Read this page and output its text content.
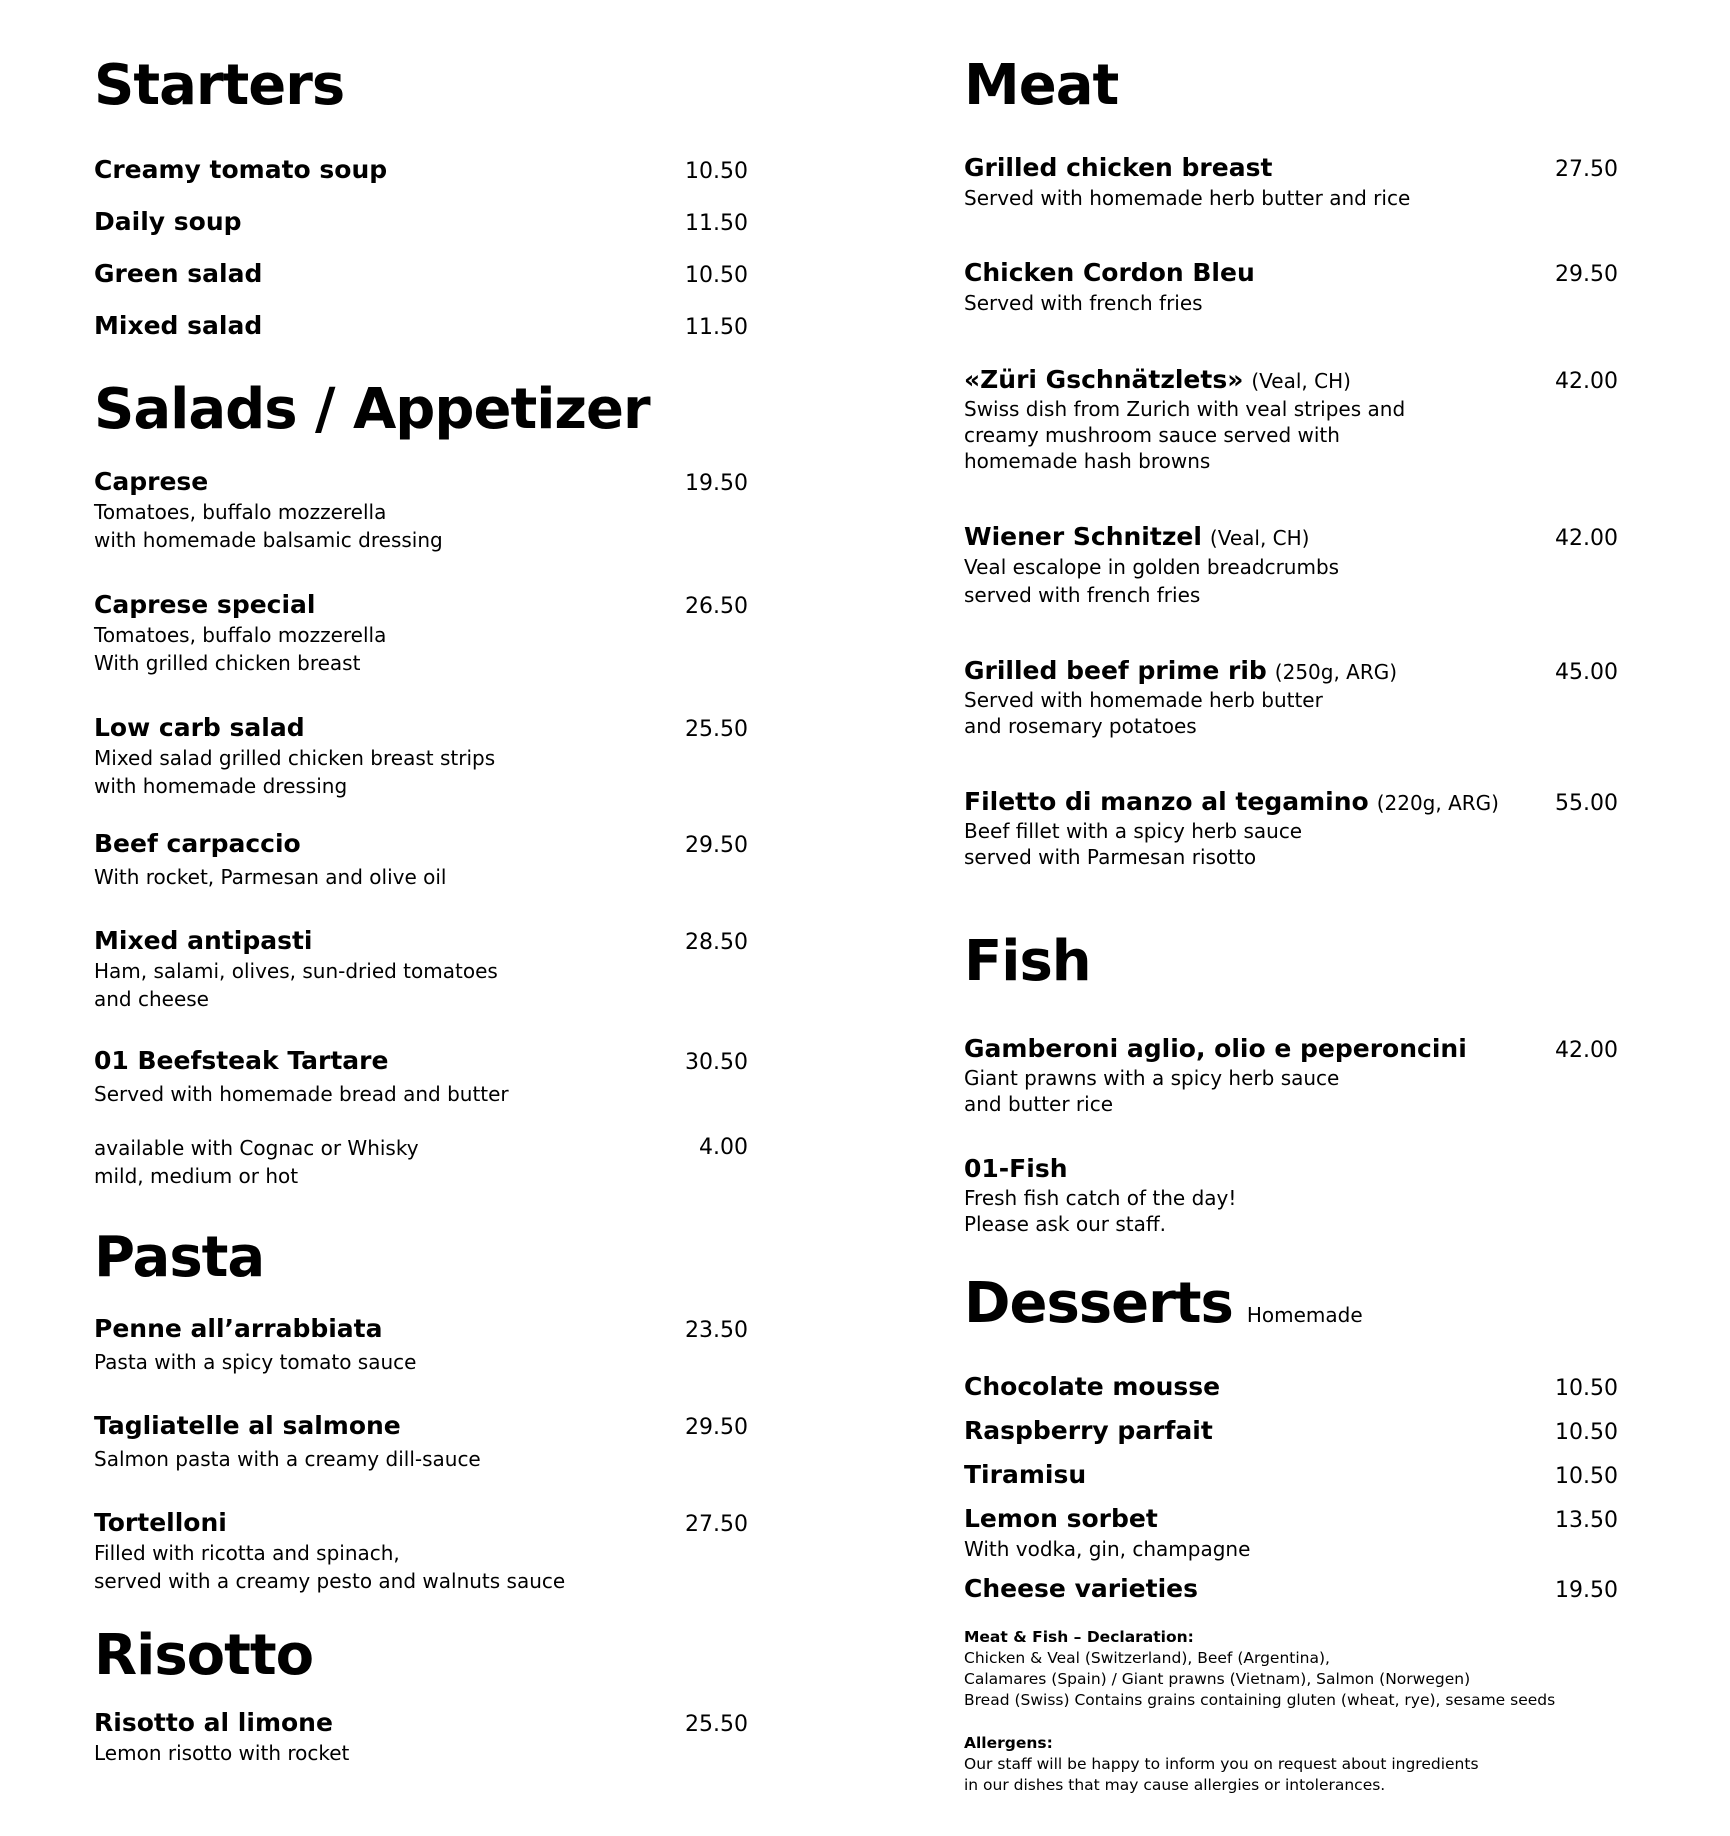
Starters
Creamy tomato soup	10.50
Daily soup	11.50
Green salad	10.50
Mixed salad	11.50
Salads / Appetizer
Caprese	19.50
Tomatoes, buffalo mozzerella
with homemade balsamic dressing
Caprese special	26.50
Tomatoes, buffalo mozzerella
With grilled chicken breast
Low carb salad	25.50
Mixed salad grilled chicken breast strips
with homemade dressing
Beef carpaccio	29.50
With rocket, Parmesan and olive oil
Mixed antipasti	28.50
Ham, salami, olives, sun-dried tomatoes
and cheese
01 Beefsteak Tartare	30.50
Served with homemade bread and butter
available with Cognac or Whisky
mild, medium or hot
4.00
Pasta
Penne all’arrabbiata	23.50
Pasta with a spicy tomato sauce
Tagliatelle al salmone	29.50
Salmon pasta with a creamy dill-sauce
Tortelloni	27.50
Filled with ricotta and spinach,
served with a creamy pesto and walnuts sauce
Risotto
Risotto al limone	25.50
Lemon risotto with rocket
Meat
Grilled chicken breast	27.50
Served with homemade herb butter and rice
Chicken Cordon Bleu	29.50
Served with french fries
«Züri Gschnätzlets» (Veal, CH)	42.00
Swiss dish from Zurich with veal stripes and
creamy mushroom sauce served with
homemade hash browns
Wiener Schnitzel (Veal, CH)	42.00
Veal escalope in golden breadcrumbs
served with french fries
Grilled beef prime rib (250g, ARG)	45.00
Served with homemade herb butter
and rosemary potatoes
Filetto di manzo al tegamino (220g, ARG)	55.00
Beef fillet with a spicy herb sauce
served with Parmesan risotto
Fish
Gamberoni aglio, olio e peperoncini	42.00
Giant prawns with a spicy herb sauce
and butter rice
01-Fish
Fresh fish catch of the day!
Please ask our staff.
Desserts Homemade
Chocolate mousse	10.50
Raspberry parfait	10.50
Tiramisu	10.50
Lemon sorbet	13.50
With vodka, gin, champagne
Cheese varieties	19.50
Meat & Fish – Declaration:
Chicken & Veal (Switzerland), Beef (Argentina),
Calamares (Spain) / Giant prawns (Vietnam), Salmon (Norwegen)
Bread (Swiss) Contains grains containing gluten (wheat, rye), sesame seeds
Allergens:
Our staff will be happy to inform you on request about ingredients
in our dishes that may cause allergies or intolerances.
